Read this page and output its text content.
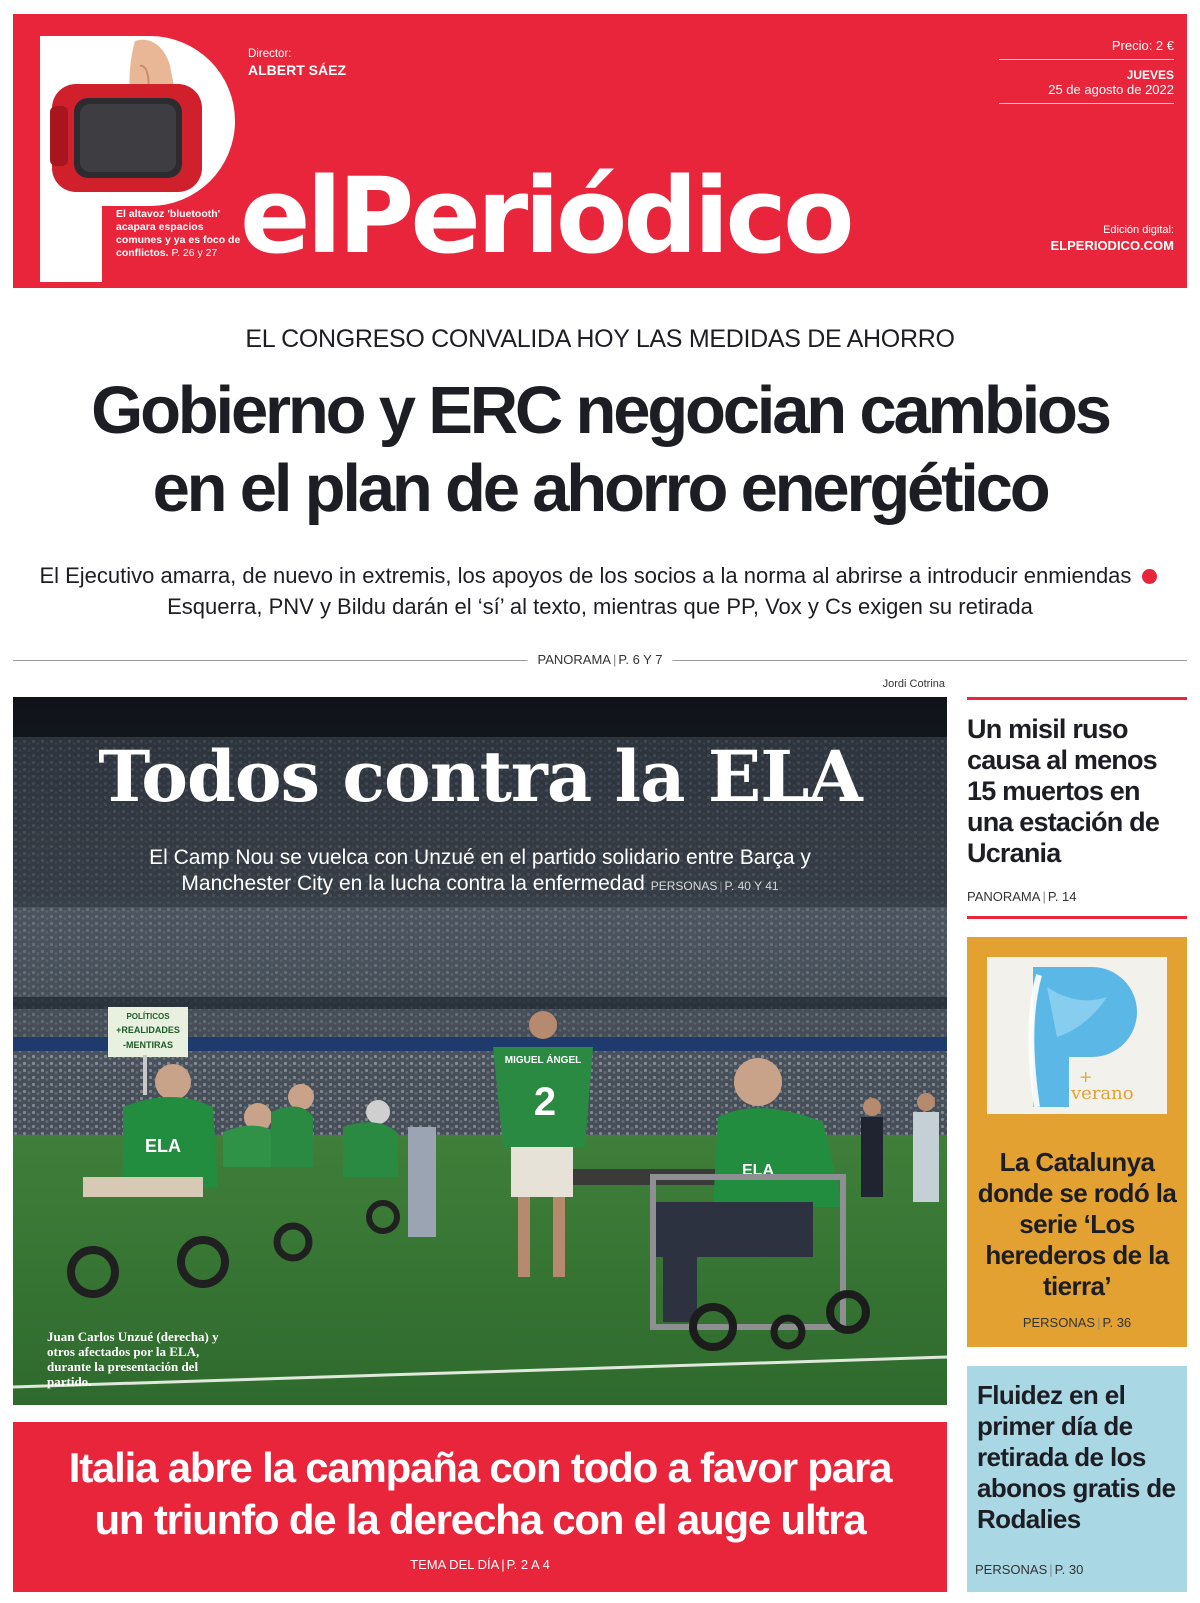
El altavoz 'bluetooth' acapara espacios comunes y ya es foco de conflictos. P. 26 y 27
Director:
ALBERT SÁEZ
elPeriódico
Precio: 2 €
JUEVES
25 de agosto de 2022
Edición digital:
ELPERIODICO.COM
EL CONGRESO CONVALIDA HOY LAS MEDIDAS DE AHORRO
Gobierno y ERC negocian cambios
en el plan de ahorro energético

El Ejecutivo amarra, de nuevo in extremis, los apoyos de los socios a la norma al abrirse a introducir enmiendas  Esquerra, PNV y Bildu darán el ‘sí’ al texto, mientras que PP, Vox y Cs exigen su retirada

PANORAMA | P. 6 Y 7
Jordi Cotrina
POLÍTICOS
+REALIDADES
-MENTIRAS
ELA
MIGUEL ÁNGEL
2
ELA
Todos contra la ELA

El Camp Nou se vuelca con Unzué en el partido solidario entre Barça y Manchester City en la lucha contra la enfermedad PERSONAS | P. 40 Y 41

Juan Carlos Unzué (derecha) y otros afectados por la ELA, durante la presentación del partido.

Italia abre la campaña con todo a favor para
un triunfo de la derecha con el auge ultra
TEMA DEL DÍA | P. 2 A 4
Un misil ruso causa al menos 15 muertos en una estación de Ucrania
PANORAMA | P. 14
+
verano
La Catalunya donde se rodó la serie ‘Los herederos de la tierra’
PERSONAS | P. 36
Fluidez en el primer día de retirada de los abonos gratis de Rodalies
PERSONAS | P. 30
